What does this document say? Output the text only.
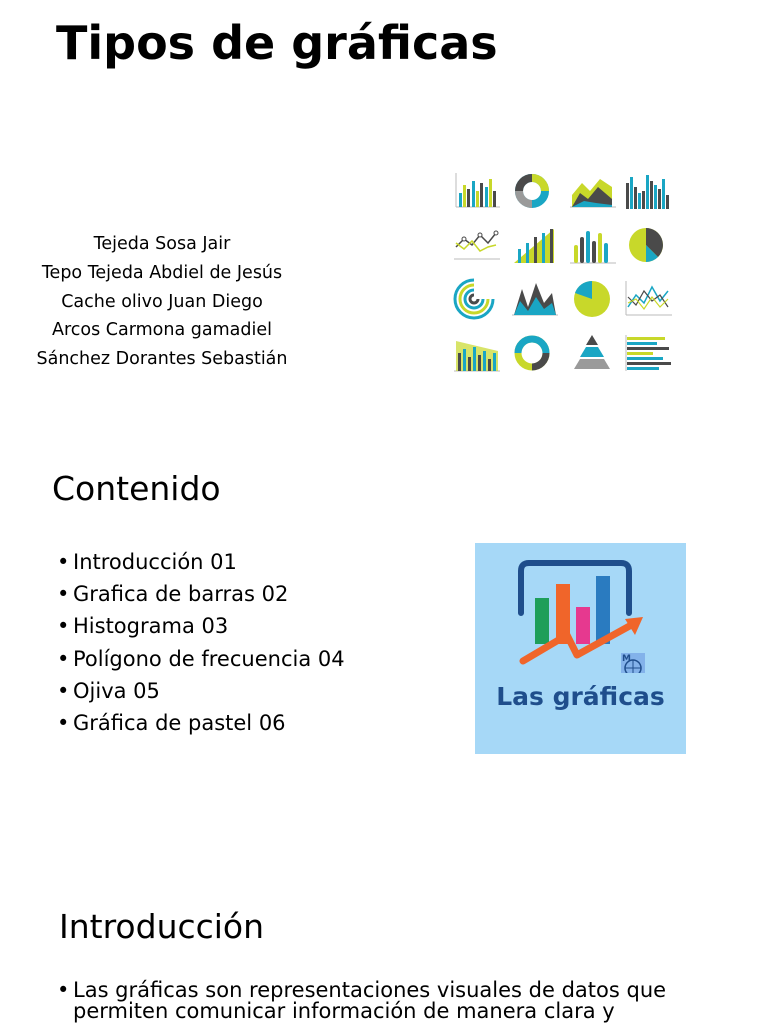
Tipos de gráficas
Tejeda Sosa Jair
Tepo Tejeda Abdiel de Jesús
Cache olivo Juan Diego
Arcos Carmona gamadiel
Sánchez Dorantes Sebastián
Contenido
• Introducción 01
• Grafica de barras 02
• Histograma 03
• Polígono de frecuencia 04
• Ojiva 05
• Gráfica de pastel 06
M
Las gráficas
Introducción
• Las gráficas son representaciones visuales de datos que permiten comunicar información de manera clara y
